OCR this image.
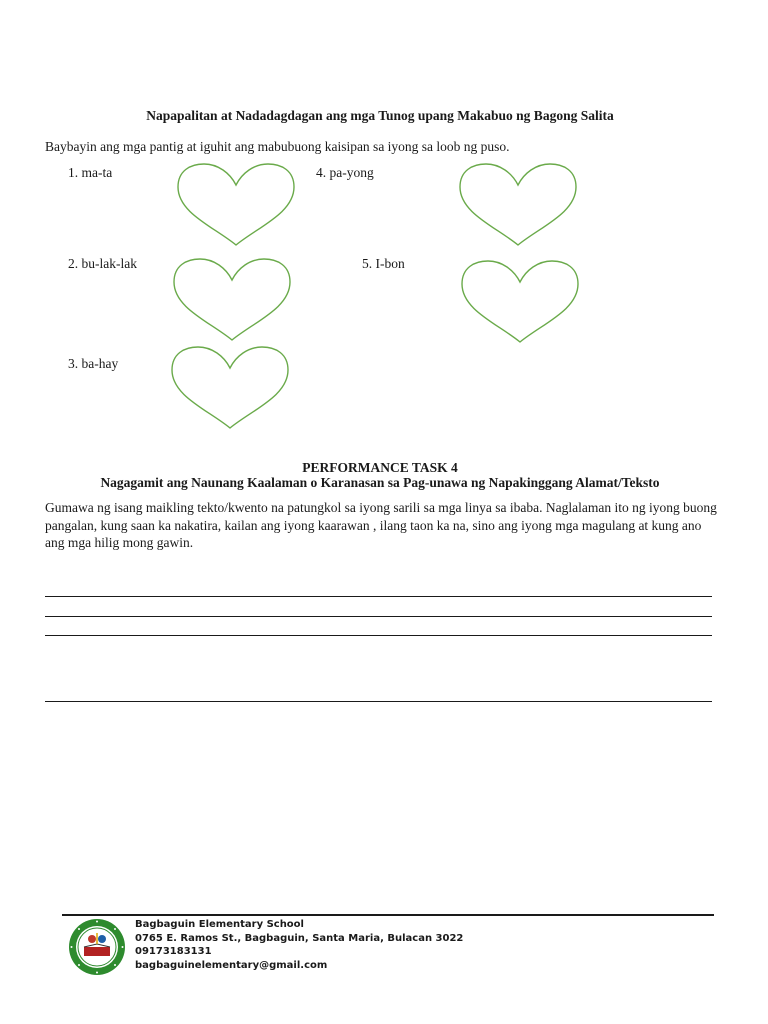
Napapalitan at Nadadagdagan ang mga Tunog upang Makabuo ng Bagong Salita
Baybayin ang mga pantig at iguhit ang mabubuong kaisipan sa iyong sa loob ng puso.
1. ma-ta
2. bu-lak-lak
3. ba-hay
4. pa-yong
5. I-bon
PERFORMANCE TASK 4
Nagagamit ang Naunang Kaalaman o Karanasan sa Pag-unawa ng Napakinggang Alamat/Teksto
Gumawa ng isang maikling tekto/kwento na patungkol sa iyong sarili sa mga linya sa ibaba. Naglalaman ito ng iyong buong pangalan, kung saan ka nakatira, kailan ang iyong kaarawan , ilang taon ka na, sino ang iyong mga magulang at kung ano ang mga hilig mong gawin.
Bagbaguin Elementary School
0765 E. Ramos St., Bagbaguin, Santa Maria, Bulacan 3022
09173183131
bagbaguinelementary@gmail.com
